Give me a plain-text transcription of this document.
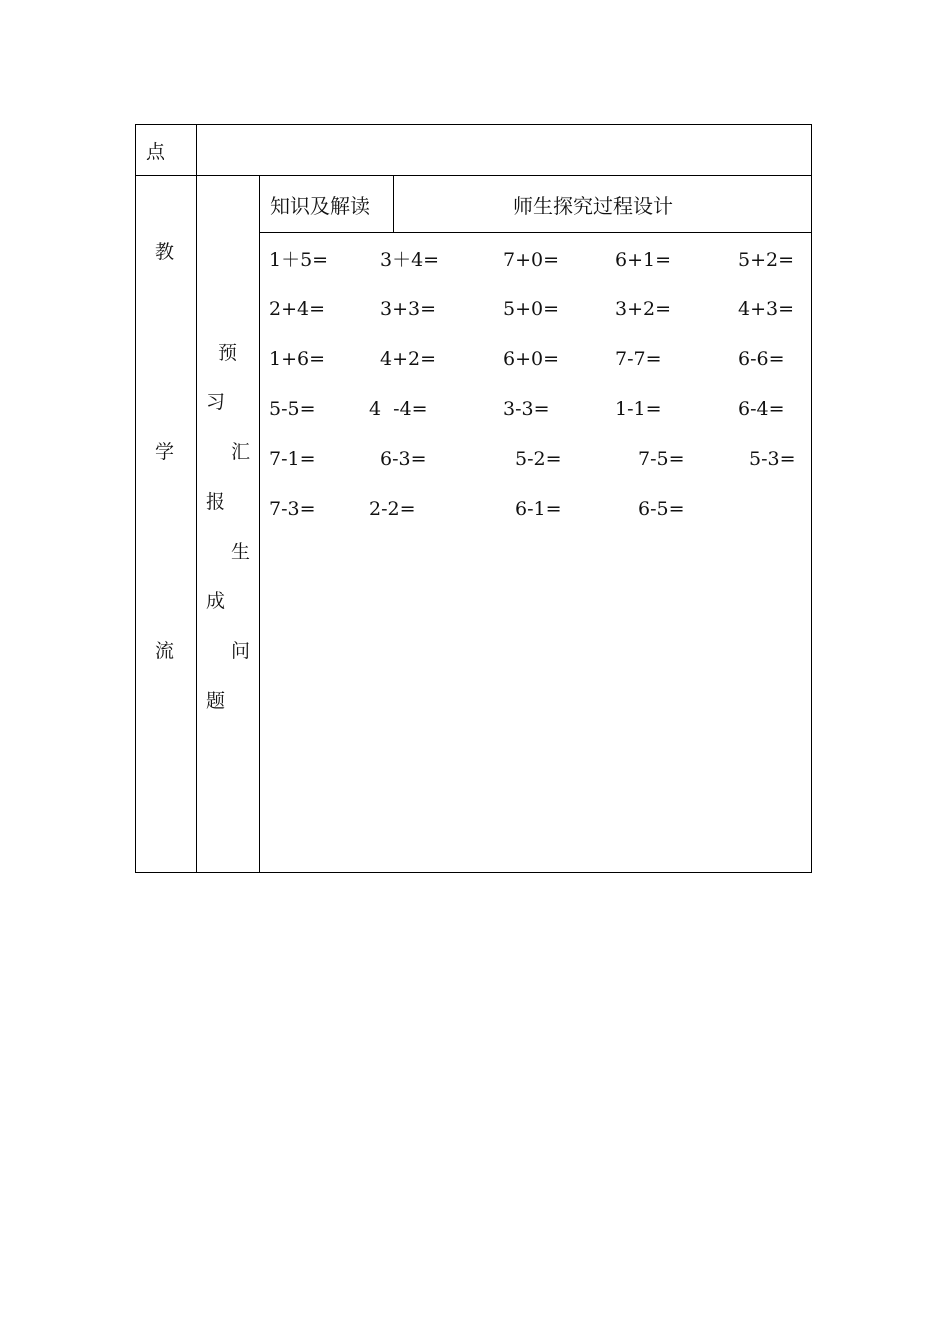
点
教
学
流
预
习
汇
报
生
成
问
题
知识及解读	师生探究过程设计
1＋5=	3＋4=	7+0=	6+1=	5+2=
2+4=	3+3=	5+0=	3+2=	4+3=
1+6=	4+2=	6+0=	7-7=	6-6=
5-5=	4  -4=	3-3=	1-1=	6-4=
7-1=	6-3=	5-2=	7-5=	5-3=
7-3=	2-2=	6-1=	6-5=
